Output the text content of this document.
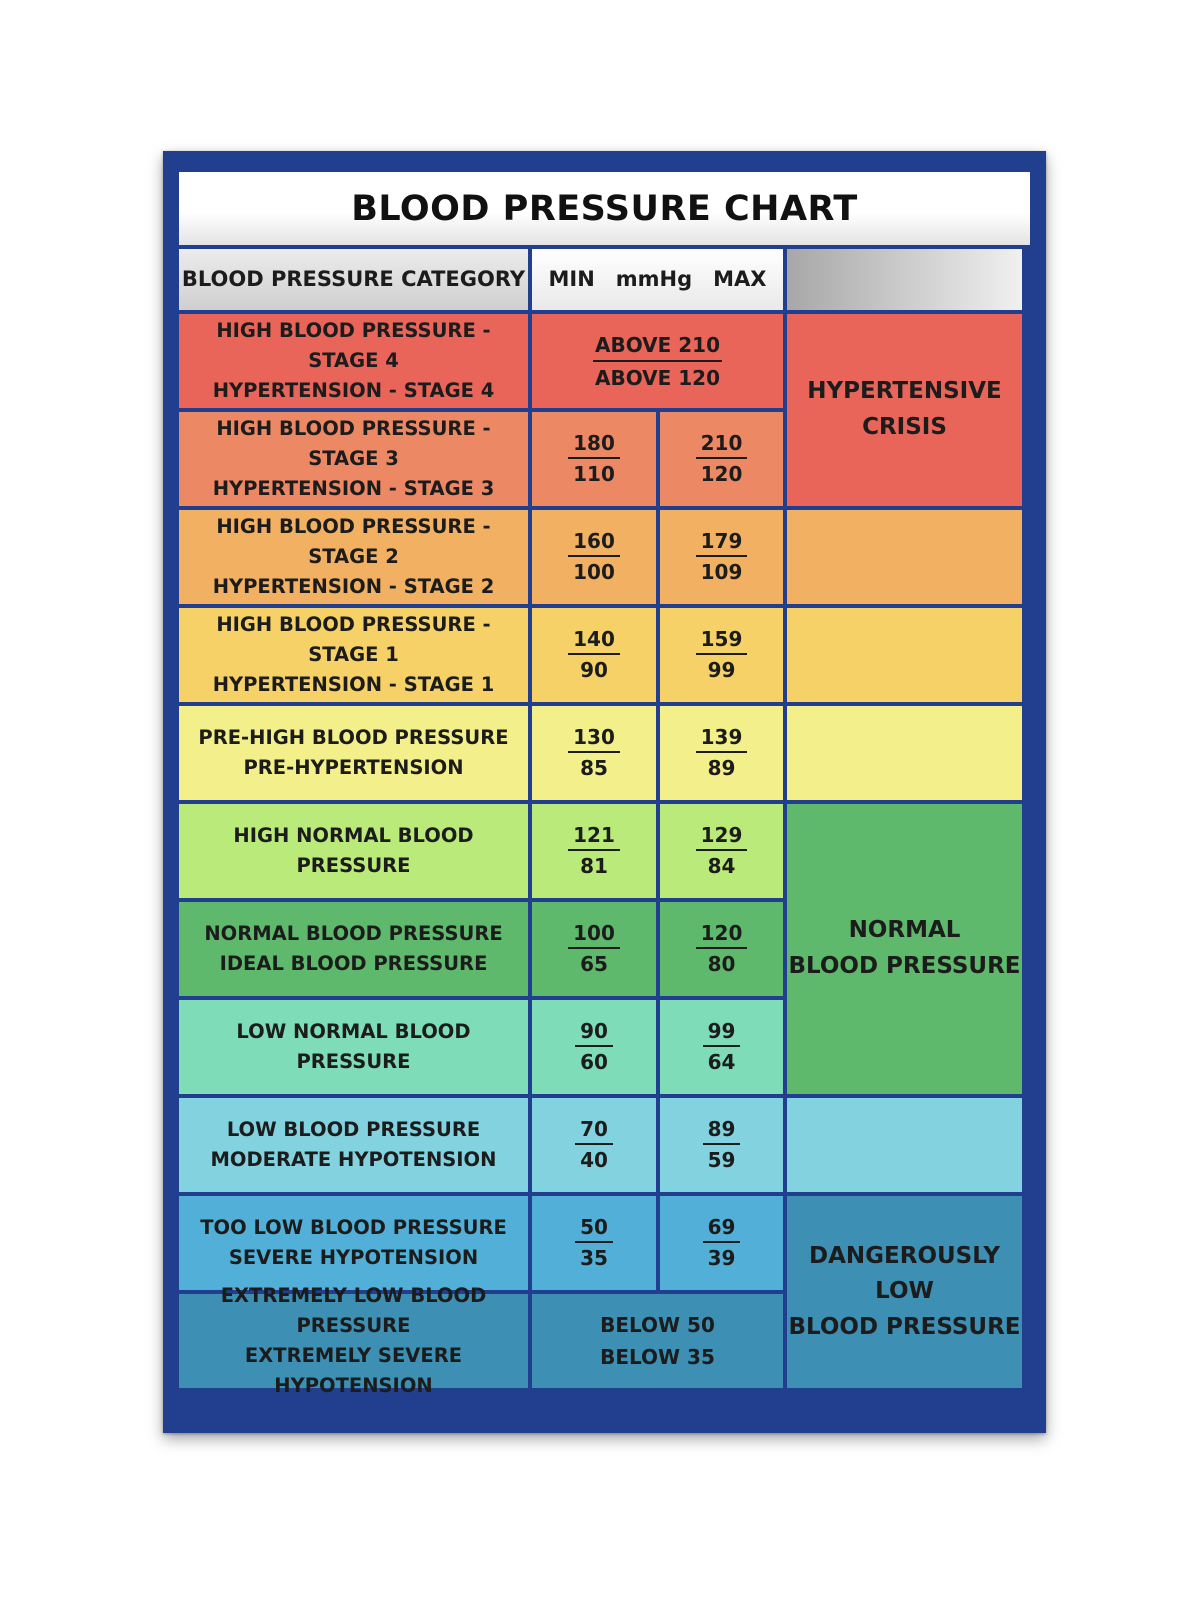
BLOOD PRESSURE CHART
BLOOD PRESSURE CATEGORY MIN mmHg MAX
HIGH BLOOD PRESSURE - STAGE 4
HYPERTENSION - STAGE 4
ABOVE 210
ABOVE 120
HIGH BLOOD PRESSURE - STAGE 3
HYPERTENSION - STAGE 3
180
110
210
120
HIGH BLOOD PRESSURE - STAGE 2
HYPERTENSION - STAGE 2
160
100
179
109
HIGH BLOOD PRESSURE - STAGE 1
HYPERTENSION - STAGE 1
140
90
159
99
PRE-HIGH BLOOD PRESSURE
PRE-HYPERTENSION
130
85
139
89
HIGH NORMAL BLOOD PRESSURE
121
81
129
84
NORMAL BLOOD PRESSURE
IDEAL BLOOD PRESSURE
100
65
120
80
LOW NORMAL BLOOD PRESSURE
90
60
99
64
LOW BLOOD PRESSURE
MODERATE HYPOTENSION
70
40
89
59
TOO LOW BLOOD PRESSURE
SEVERE HYPOTENSION
50
35
69
39
EXTREMELY LOW BLOOD PRESSURE
EXTREMELY SEVERE HYPOTENSION
BELOW 50
BELOW 35
HYPERTENSIVE
CRISIS
NORMAL
BLOOD PRESSURE
DANGEROUSLY LOW
BLOOD PRESSURE
